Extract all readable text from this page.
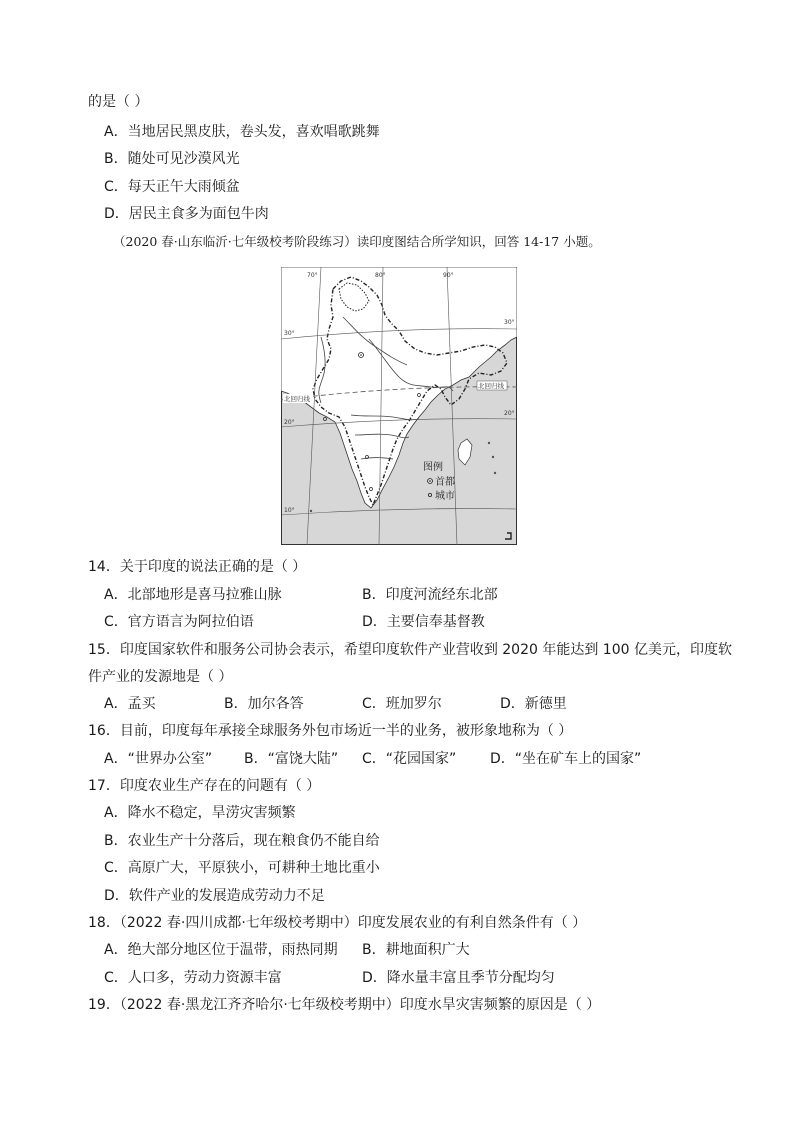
的是（ ）
A．当地居民黑皮肤，卷头发，喜欢唱歌跳舞
B．随处可见沙漠风光
C．每天正午大雨倾盆
D．居民主食多为面包牛肉
（2020 春·山东临沂·七年级校考阶段练习）读印度图结合所学知识，回答 14-17 小题。
70°	80°	90°
30°
20°
10°
30°
20°
北回归线
北回归线
图例
首都
城市
14．关于印度的说法正确的是（ ）
A．北部地形是喜马拉雅山脉	B．印度河流经东北部
C．官方语言为阿拉伯语	D．主要信奉基督教
15．印度国家软件和服务公司协会表示，希望印度软件产业营收到 2020 年能达到 100 亿美元，印度软
件产业的发源地是（ ）
A．孟买	B．加尔各答	C．班加罗尔	D．新德里
16．目前，印度每年承接全球服务外包市场近一半的业务，被形象地称为（ ）
A．“世界办公室” B．“富饶大陆” C．“花园国家” D．“坐在矿车上的国家”
17．印度农业生产存在的问题有（ ）
A．降水不稳定，旱涝灾害频繁
B．农业生产十分落后，现在粮食仍不能自给
C．高原广大，平原狭小，可耕种土地比重小
D．软件产业的发展造成劳动力不足
18．（2022 春·四川成都·七年级校考期中）印度发展农业的有利自然条件有（ ）
A．绝大部分地区位于温带，雨热同期 B．耕地面积广大
C．人口多，劳动力资源丰富	D．降水量丰富且季节分配均匀
19．（2022 春·黑龙江齐齐哈尔·七年级校考期中）印度水旱灾害频繁的原因是（ ）
